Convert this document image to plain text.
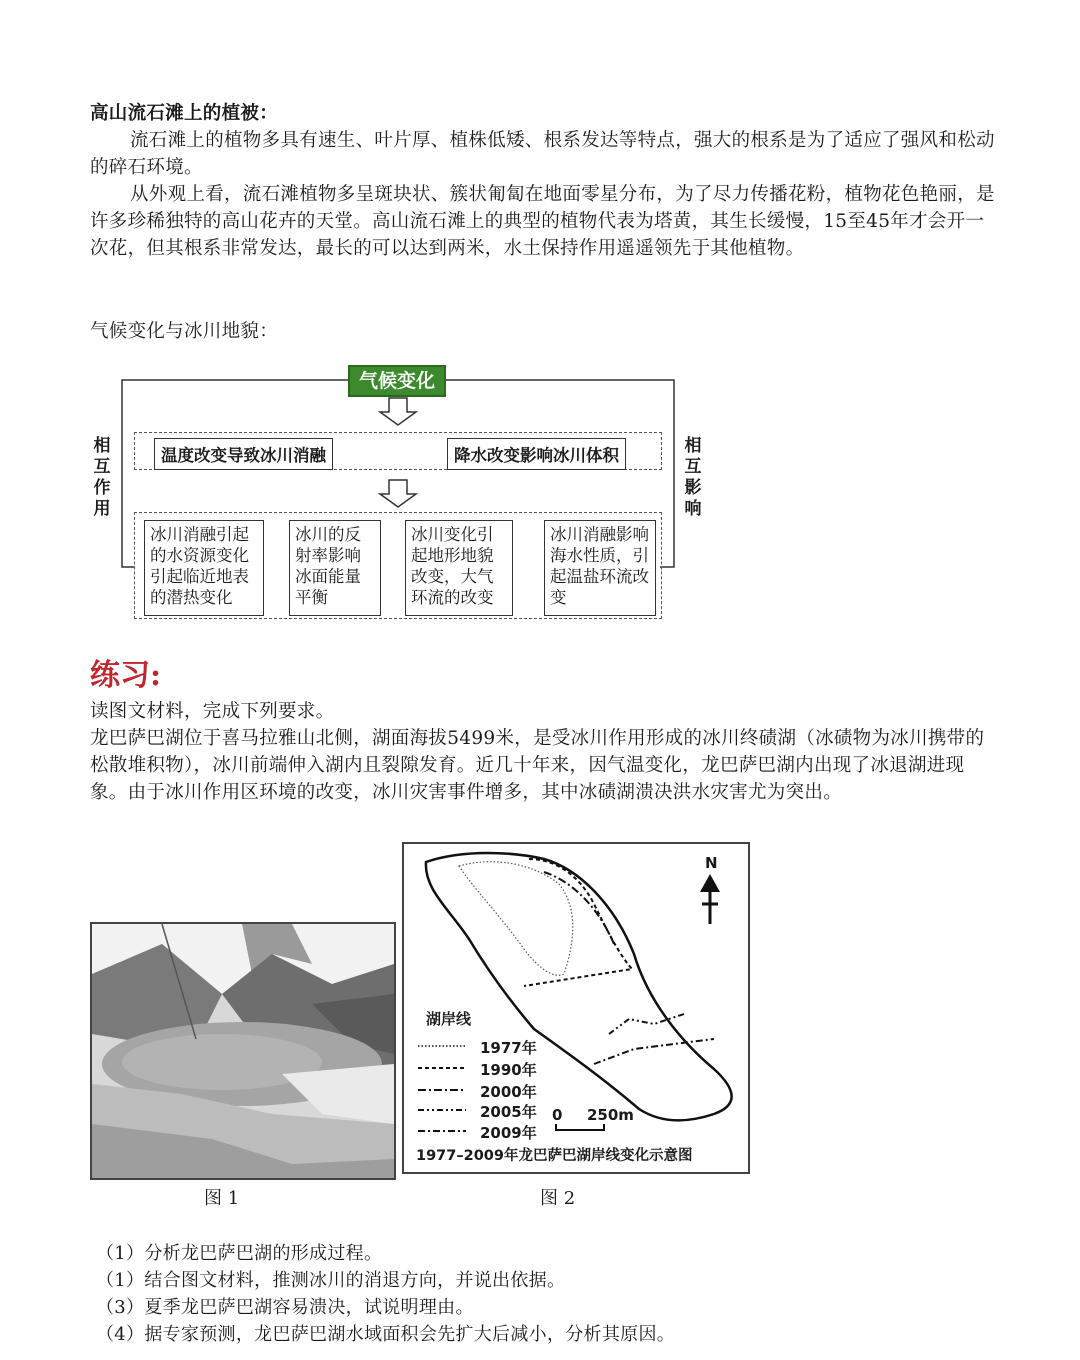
高山流石滩上的植被：
流石滩上的植物多具有速生、叶片厚、植株低矮、根系发达等特点，强大的根系是为了适应了强风和松动的碎石环境。
从外观上看，流石滩植物多呈斑块状、簇状匍匐在地面零星分布，为了尽力传播花粉，植物花色艳丽，是许多珍稀独特的高山花卉的天堂。高山流石滩上的典型的植物代表为塔黄，其生长缓慢，15至45年才会开一次花，但其根系非常发达，最长的可以达到两米，水土保持作用遥遥领先于其他植物。
气候变化与冰川地貌：
气候变化
相互作用
相互影响
温度改变导致冰川消融	降水改变影响冰川体积
冰川消融引起的水资源变化引起临近地表的潜热变化
冰川的反射率影响冰面能量平衡
冰川变化引起地形地貌改变，大气环流的改变
冰川消融影响海水性质，引起温盐环流改变
练习:
读图文材料，完成下列要求。
龙巴萨巴湖位于喜马拉雅山北侧，湖面海拔5499米，是受冰川作用形成的冰川终碛湖（冰碛物为冰川携带的松散堆积物），冰川前端伸入湖内且裂隙发育。近几十年来，因气温变化，龙巴萨巴湖内出现了冰退湖进现象。由于冰川作用区环境的改变，冰川灾害事件增多，其中冰碛湖溃决洪水灾害尤为突出。
图 1
N
湖岸线
1977年
1990年
2000年
2005年
2009年
0 250m
1977–2009年龙巴萨巴湖岸线变化示意图
图 2
（1）分析龙巴萨巴湖的形成过程。
（1）结合图文材料，推测冰川的消退方向，并说出依据。
（3）夏季龙巴萨巴湖容易溃决，试说明理由。
（4）据专家预测，龙巴萨巴湖水域面积会先扩大后减小，分析其原因。
